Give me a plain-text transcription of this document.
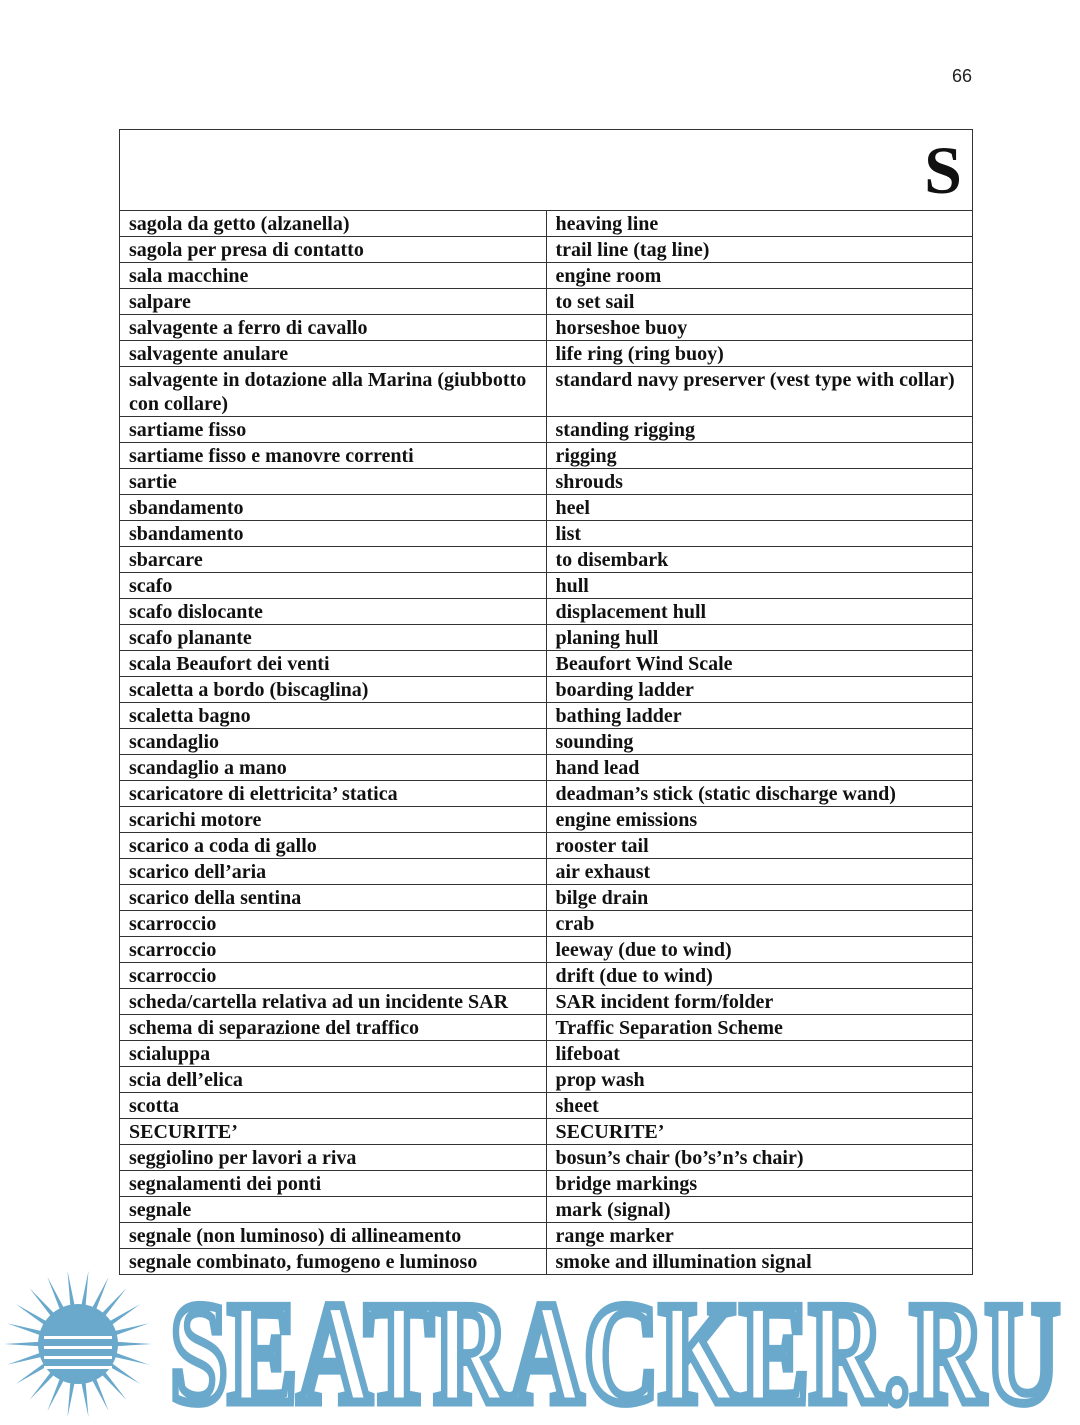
66
S	
sagola da getto (alzanella)	heaving line
sagola per presa di contatto	trail line (tag line)
sala macchine	engine room
salpare	to set sail
salvagente a ferro di cavallo	horseshoe buoy
salvagente anulare	life ring (ring buoy)
salvagente in dotazione alla Marina (giubbotto con collare)	standard navy preserver (vest type with collar)
sartiame fisso	standing rigging
sartiame fisso e manovre correnti	rigging
sartie	shrouds
sbandamento	heel
sbandamento	list
sbarcare	to disembark
scafo	hull
scafo dislocante	displacement hull
scafo planante	planing hull
scala Beaufort dei venti	Beaufort Wind Scale
scaletta a bordo (biscaglina)	boarding ladder
scaletta bagno	bathing ladder
scandaglio	sounding
scandaglio a mano	hand lead
scaricatore di elettricita’ statica	deadman’s stick (static discharge wand)
scarichi motore	engine emissions
scarico a coda di gallo	rooster tail
scarico dell’aria	air exhaust
scarico della sentina	bilge drain
scarroccio	crab
scarroccio	leeway (due to wind)
scarroccio	drift (due to wind)
scheda/cartella relativa ad un incidente SAR	SAR incident form/folder
schema di separazione del traffico	Traffic Separation Scheme
scialuppa	lifeboat
scia dell’elica	prop wash
scotta	sheet
SECURITE’	SECURITE’
seggiolino per lavori a riva	bosun’s chair (bo’s’n’s chair)
segnalamenti dei ponti	bridge markings
segnale	mark (signal)
segnale (non luminoso) di allineamento	range marker
segnale combinato, fumogeno e luminoso	smoke and illumination signal
SEATRACKER.RU
